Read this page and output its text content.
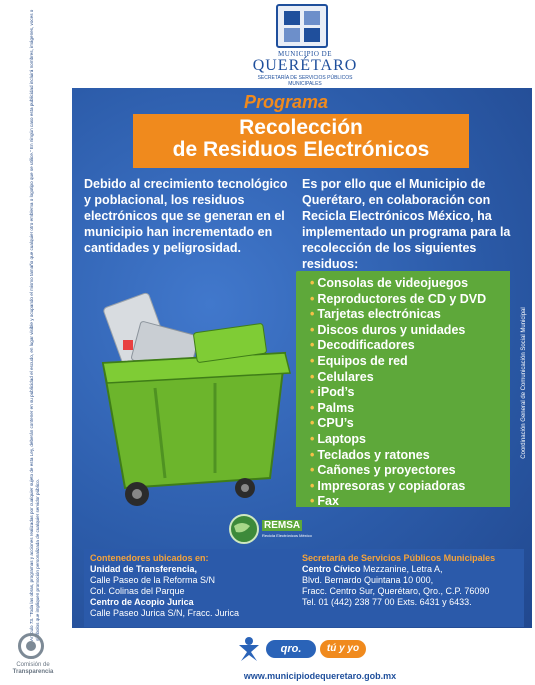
MUNICIPIO DE
QUERÉTARO
SECRETARÍA DE SERVICIOS PÚBLICOS MUNICIPALES
Artículo 73. "Toda las obras, programas y acciones realizadas por cualquier sujeto de esta Ley, deberán contener en su publicidad el escudo, en lugar visible y ocupando el mismo tamaño que cualquier otro emblema o logotipo que se utilice." En ningún caso esta publicidad incluirá nombres, imágenes, voces o símbolos que impliquen promoción personalizada de cualquier servidor público.
Programa
Recolección
de Residuos Electrónicos
Debido al crecimiento tecnológico y poblacional, los residuos electrónicos que se generan en el municipio han incrementado en cantidades y peligrosidad.
Es por ello que el Municipio de Querétaro, en colaboración con Recicla Electrónicos México, ha implementado un programa para la recolección de los siguientes residuos:
• Consolas de videojuegos
• Reproductores de CD y DVD
• Tarjetas electrónicas
• Discos duros y unidades
• Decodificadores
• Equipos de red
• Celulares
• iPod’s
• Palms
• CPU’s
• Laptops
• Teclados y ratones
• Cañones y proyectores
• Impresoras y copiadoras
• Fax
Coordinación General de Comunicación Social Municipal
REMSA
Recicla Electrónicos México
Contenedores ubicados en:
Unidad de Transferencia,
Calle Paseo de la Reforma S/N
Col. Colinas del Parque
Centro de Acopio Jurica
Calle Paseo Jurica S/N, Fracc. Jurica
Secretaría de Servicios Públicos Municipales
Centro Cívico Mezzanine, Letra A,
Blvd. Bernardo Quintana 10 000,
Fracc. Centro Sur, Querétaro, Qro., C.P. 76090
Tel. 01 (442) 238 77 00 Exts. 6431 y 6433.
Comisión de
Transparencia
qro.	tú y yo
www.municipiodequeretaro.gob.mx
